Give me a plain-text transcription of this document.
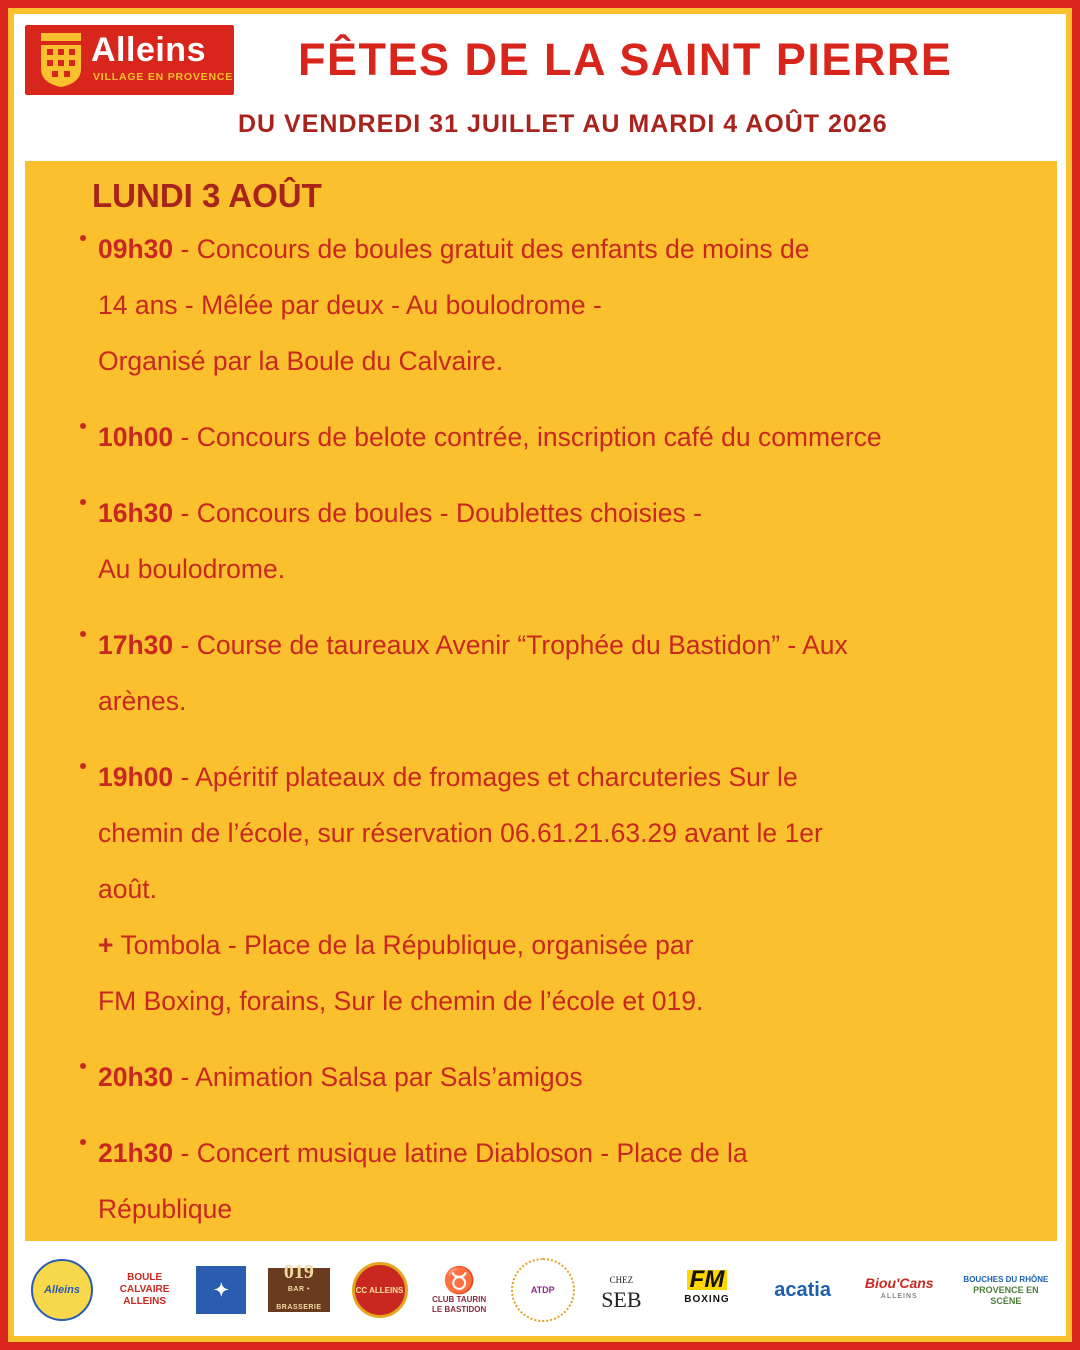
Alleins
VILLAGE EN PROVENCE FÊTES DE LA SAINT PIERRE
DU VENDREDI 31 JUILLET AU MARDI 4 AOÛT 2026
LUNDI 3 AOÛT
09h30 - Concours de boules gratuit des enfants de moins de
14 ans - Mêlée par deux - Au boulodrome -
Organisé par la Boule du Calvaire.
10h00 - Concours de belote contrée, inscription café du commerce
16h30 - Concours de boules - Doublettes choisies -
Au boulodrome.
17h30 - Course de taureaux Avenir “Trophée du Bastidon” - Aux
arènes.
19h00 - Apéritif plateaux de fromages et charcuteries Sur le
chemin de l’école, sur réservation 06.61.21.63.29 avant le 1er
août.
+ Tombola - Place de la République, organisée par
FM Boxing, forains, Sur le chemin de l’école et 019.
20h30 - Animation Salsa par Sals’amigos
21h30 - Concert musique latine Diabloson - Place de la
République
Alleins
BOULE
CALVAIRE
ALLEINS
✦
019
BAR • BRASSERIE
CC ALLEINS ♉
CLUB TAURIN
LE BASTIDON
ATDP
CHEZ
SEB
FM
BOXING acatia Biou'Cans
ALLEINS
BOUCHES DU RHÔNE
PROVENCE EN SCÈNE
